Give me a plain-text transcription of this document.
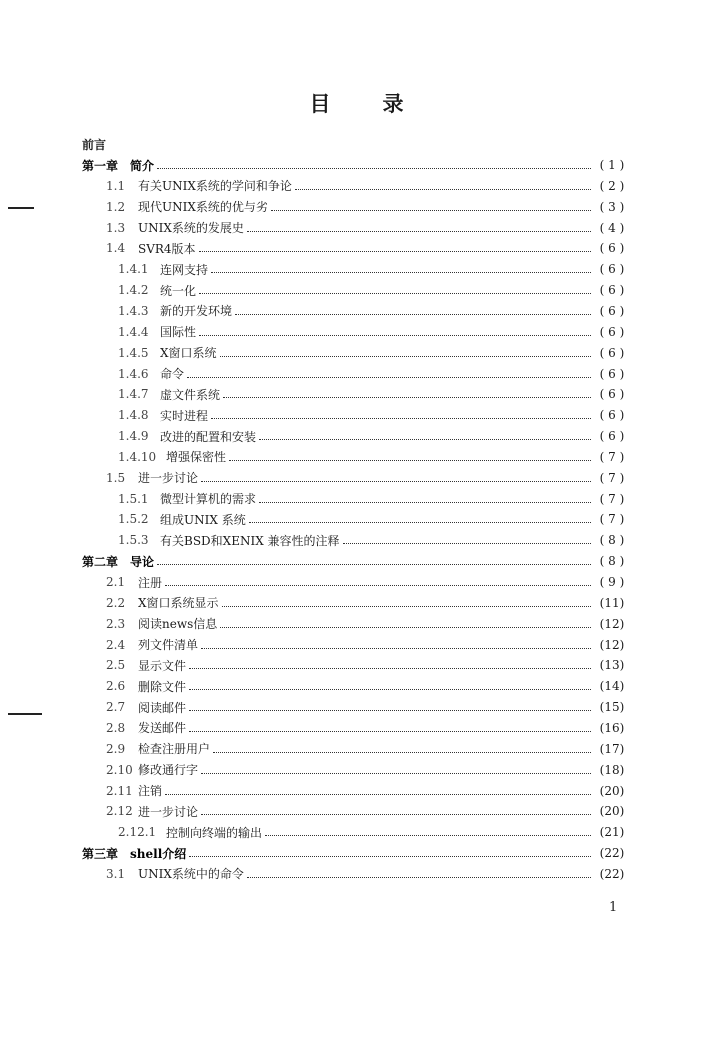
目录
前言
第一章 简介	( 1 )
1.1	有关UNIX系统的学问和争论	( 2 )
1.2	现代UNIX系统的优与劣	( 3 )
1.3	UNIX系统的发展史	( 4 )
1.4	SVR4版本	( 6 )
1.4.1 连网支持	( 6 )
1.4.2 统一化	( 6 )
1.4.3 新的开发环境	( 6 )
1.4.4 国际性	( 6 )
1.4.5 X窗口系统	( 6 )
1.4.6 命令	( 6 )
1.4.7 虚文件系统	( 6 )
1.4.8 实时进程	( 6 )
1.4.9 改进的配置和安装	( 6 )
1.4.10 增强保密性	( 7 )
1.5	进一步讨论	( 7 )
1.5.1 微型计算机的需求	( 7 )
1.5.2 组成UNIX 系统	( 7 )
1.5.3 有关BSD和XENIX 兼容性的注释	( 8 )
第二章 导论	( 8 )
2.1	注册	( 9 )
2.2	X窗口系统显示	(11)
2.3	阅读news信息	(12)
2.4	列文件清单	(12)
2.5	显示文件	(13)
2.6	删除文件	(14)
2.7	阅读邮件	(15)
2.8	发送邮件	(16)
2.9	检查注册用户	(17)
2.10 修改通行字	(18)
2.11 注销	(20)
2.12 进一步讨论	(20)
2.12.1 控制向终端的输出	(21)
第三章 shell介绍	(22)
3.1	UNIX系统中的命令	(22)
1
